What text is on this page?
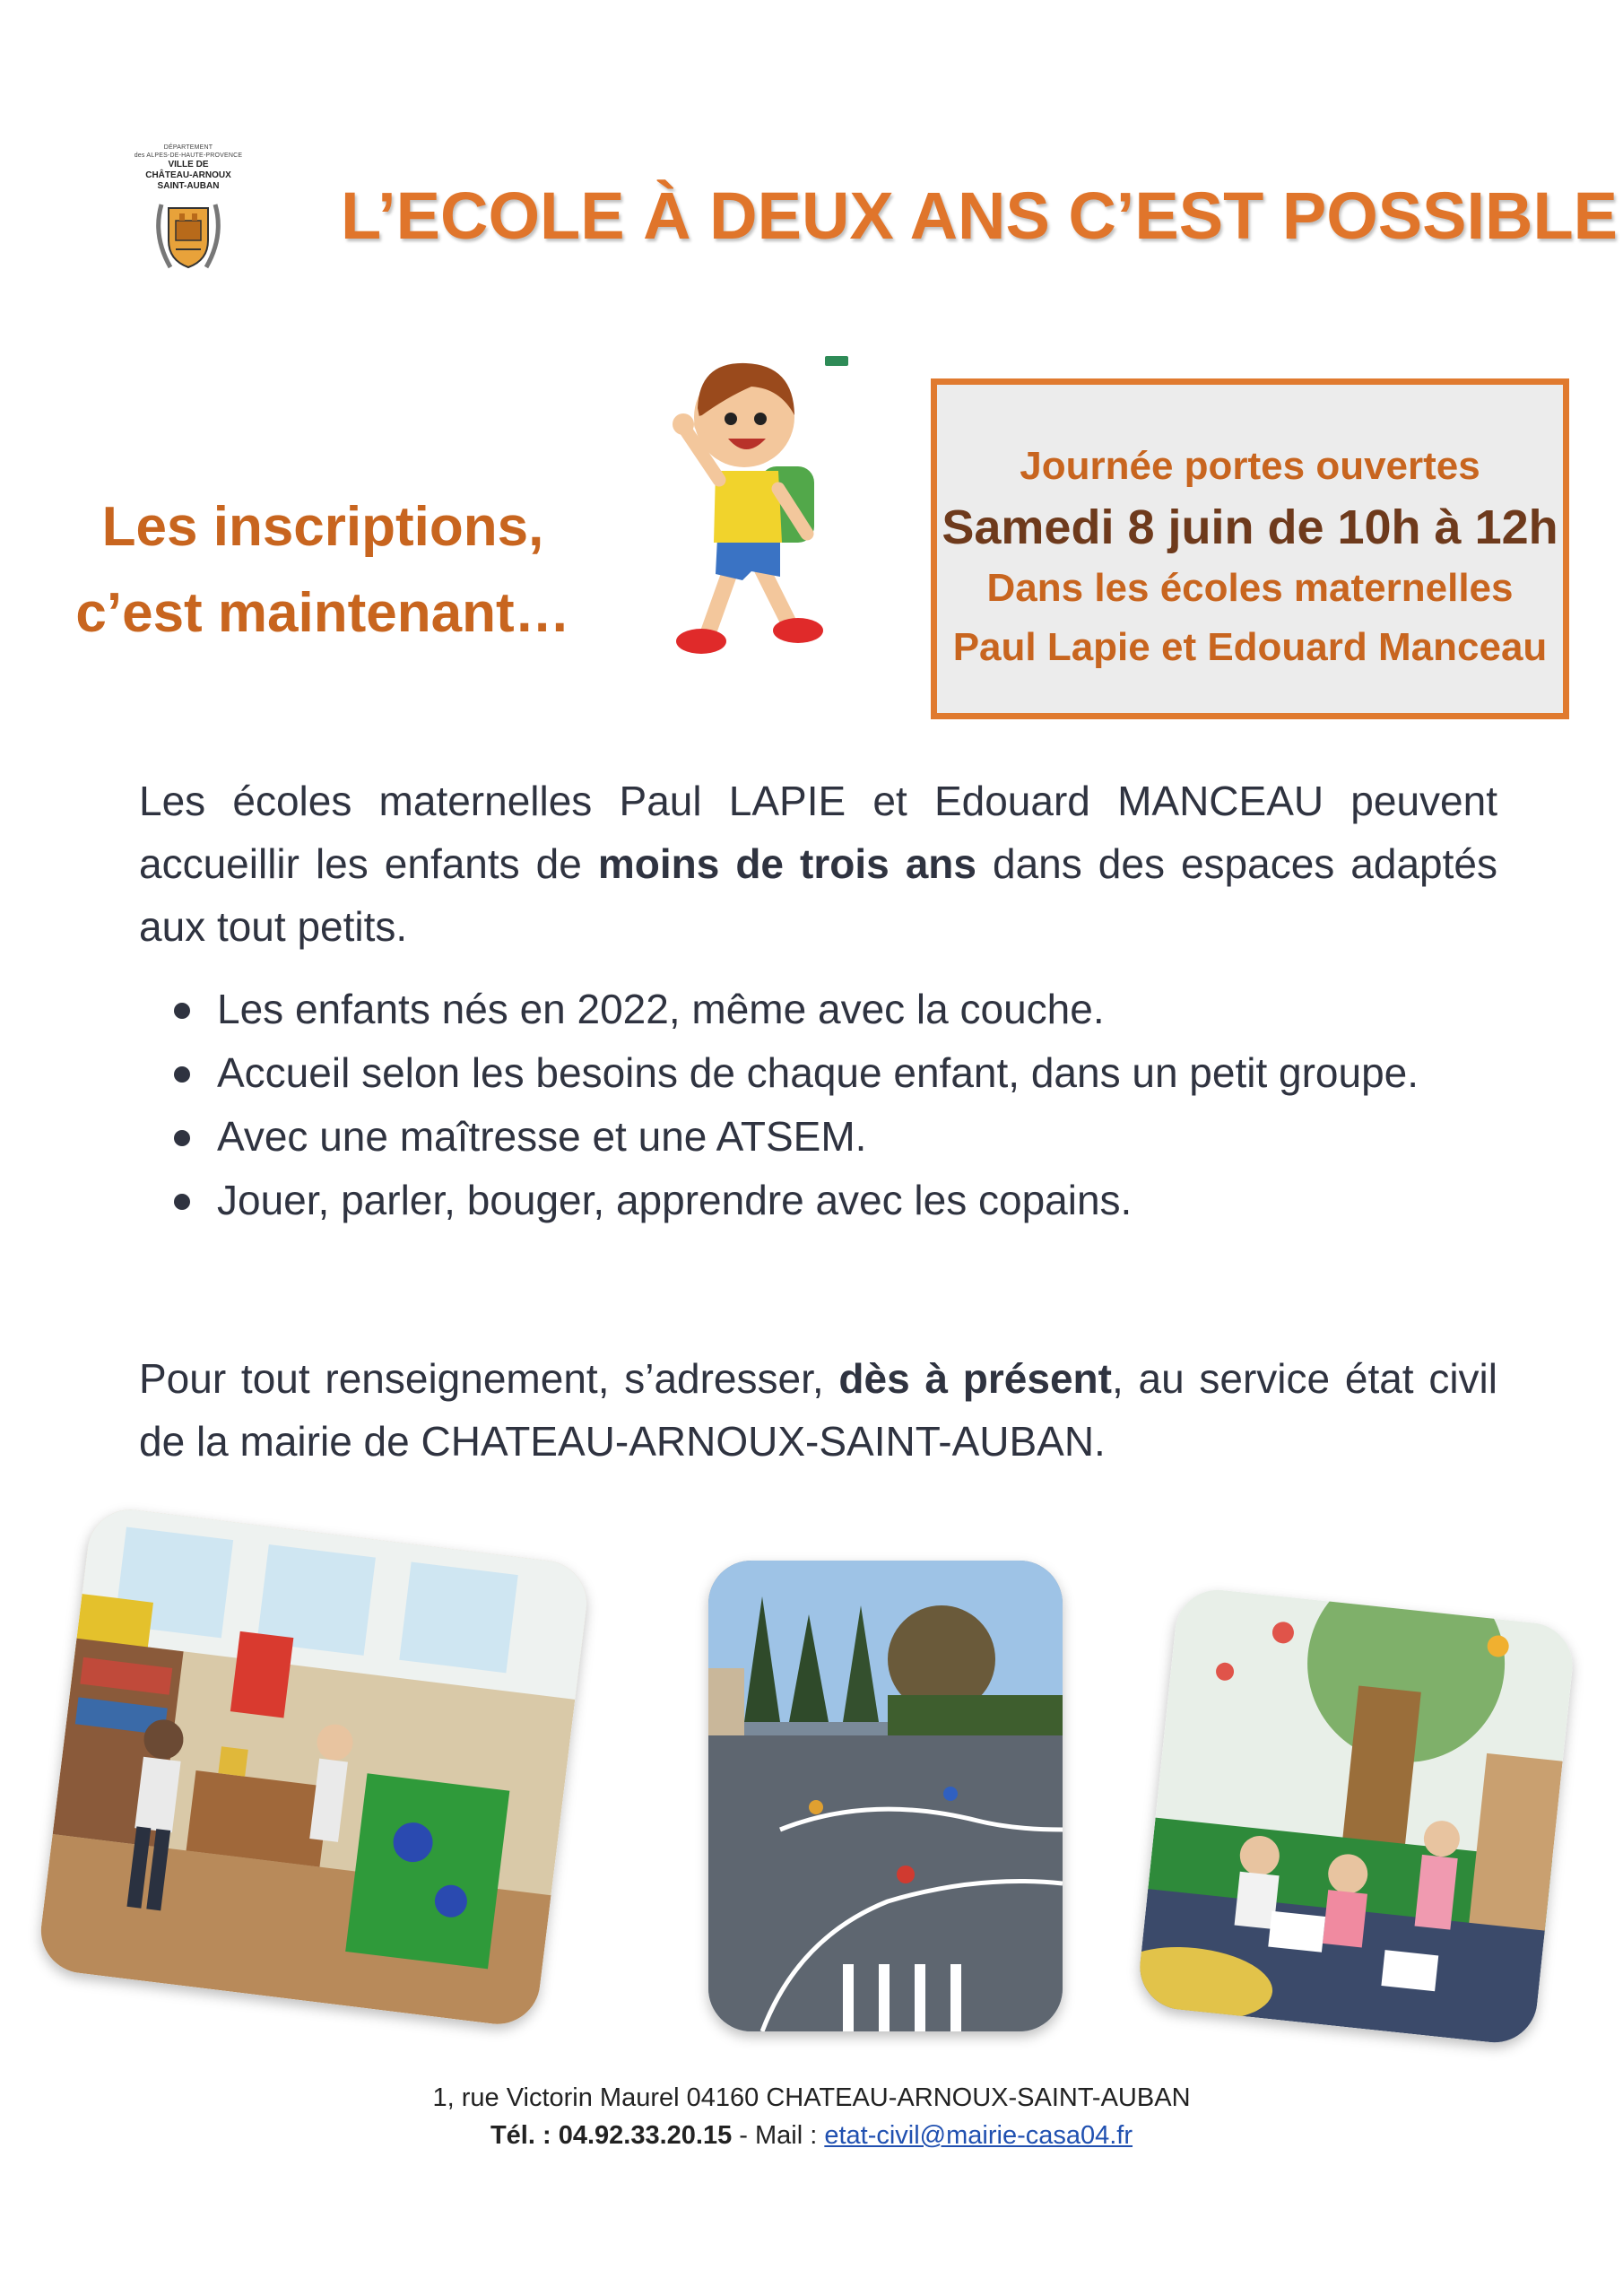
DÉPARTEMENT
des ALPES-DE-HAUTE-PROVENCE
VILLE DE
CHÂTEAU-ARNOUX
SAINT-AUBAN	L’ECOLE À DEUX ANS C’EST POSSIBLE
Les inscriptions,
c’est maintenant…
Journée portes ouvertes
Samedi 8 juin de 10h à 12h
Dans les écoles maternelles
Paul Lapie et Edouard Manceau
Les écoles maternelles Paul LAPIE et Edouard MANCEAU peuvent accueillir les enfants de moins de trois ans dans des espaces adaptés aux tout petits.
Les enfants nés en 2022, même avec la couche.
Accueil selon les besoins de chaque enfant, dans un petit groupe.
Avec une maîtresse et une ATSEM.
Jouer, parler, bouger, apprendre avec les copains.
Pour tout renseignement, s’adresser, dès à présent, au service état civil de la mairie de CHATEAU-ARNOUX-SAINT-AUBAN.
1, rue Victorin Maurel 04160 CHATEAU-ARNOUX-SAINT-AUBAN
Tél. : 04.92.33.20.15 - Mail : etat-civil@mairie-casa04.fr
